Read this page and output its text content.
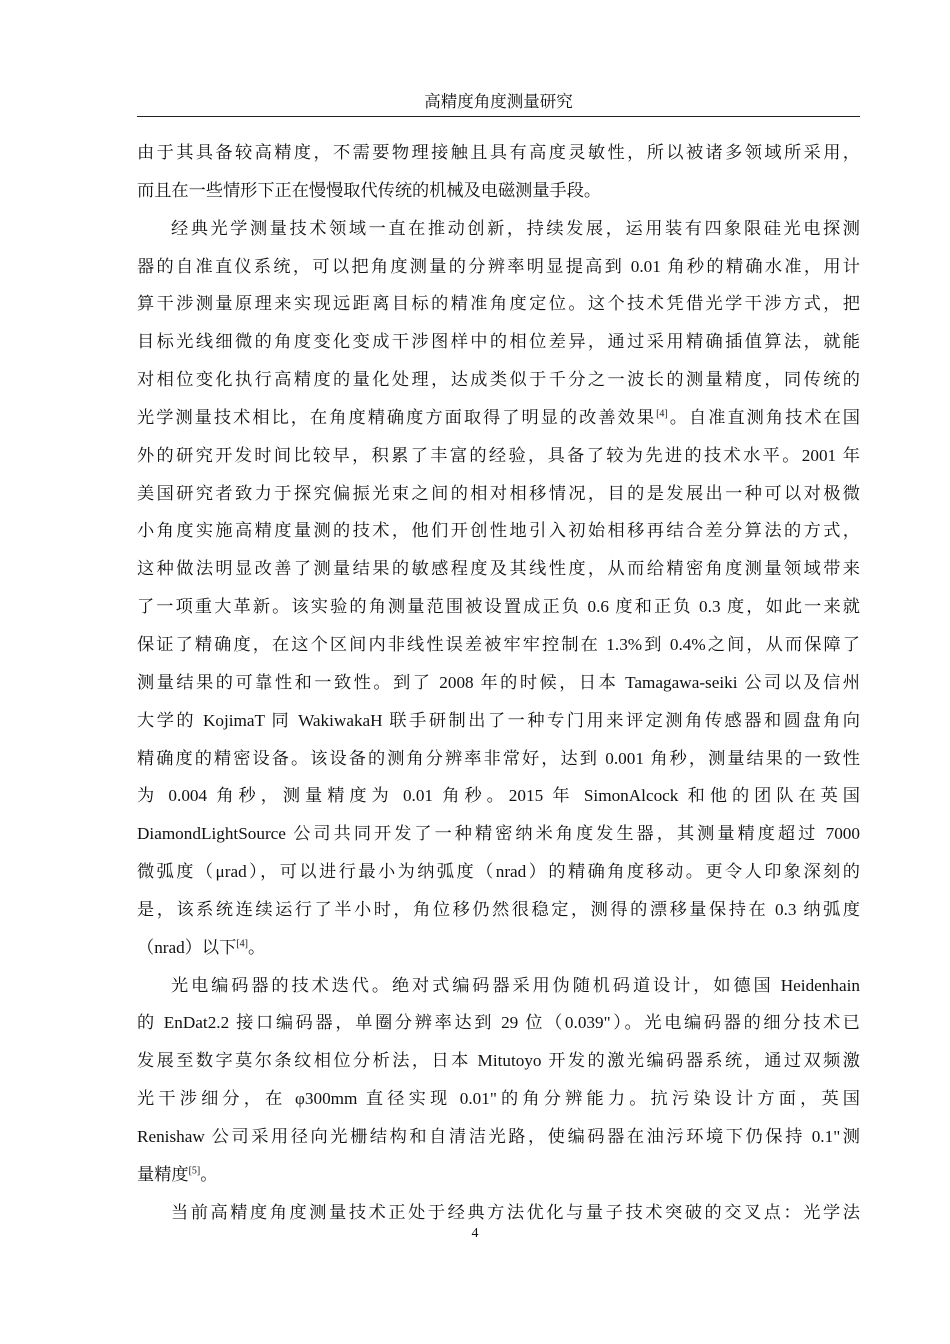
高精度角度测量研究
由于其具备较高精度，不需要物理接触且具有高度灵敏性，所以被诸多领域所采用，
而且在一些情形下正在慢慢取代传统的机械及电磁测量手段。
经典光学测量技术领域一直在推动创新，持续发展，运用装有四象限硅光电探测
器的自准直仪系统，可以把角度测量的分辨率明显提高到 0.01 角秒的精确水准，用计
算干涉测量原理来实现远距离目标的精准角度定位。这个技术凭借光学干涉方式，把
目标光线细微的角度变化变成干涉图样中的相位差异，通过采用精确插值算法，就能
对相位变化执行高精度的量化处理，达成类似于千分之一波长的测量精度，同传统的
光学测量技术相比，在角度精确度方面取得了明显的改善效果[4]。自准直测角技术在国
外的研究开发时间比较早，积累了丰富的经验，具备了较为先进的技术水平。2001 年
美国研究者致力于探究偏振光束之间的相对相移情况，目的是发展出一种可以对极微
小角度实施高精度量测的技术，他们开创性地引入初始相移再结合差分算法的方式，
这种做法明显改善了测量结果的敏感程度及其线性度，从而给精密角度测量领域带来
了一项重大革新。该实验的角测量范围被设置成正负 0.6 度和正负 0.3 度，如此一来就
保证了精确度，在这个区间内非线性误差被牢牢控制在 1.3%到 0.4%之间，从而保障了
测量结果的可靠性和一致性。到了 2008 年的时候，日本 Tamagawa-seiki 公司以及信州
大学的 KojimaT 同 WakiwakaH 联手研制出了一种专门用来评定测角传感器和圆盘角向
精确度的精密设备。该设备的测角分辨率非常好，达到 0.001 角秒，测量结果的一致性
为 0.004 角秒，测量精度为 0.01 角秒。2015 年 SimonAlcock 和他的团队在英国
DiamondLightSource 公司共同开发了一种精密纳米角度发生器，其测量精度超过 7000
微弧度（μrad），可以进行最小为纳弧度（nrad）的精确角度移动。更令人印象深刻的
是，该系统连续运行了半小时，角位移仍然很稳定，测得的漂移量保持在 0.3 纳弧度
（nrad）以下[4]。
光电编码器的技术迭代。绝对式编码器采用伪随机码道设计，如德国 Heidenhain
的 EnDat2.2 接口编码器，单圈分辨率达到 29 位（0.039"）。光电编码器的细分技术已
发展至数字莫尔条纹相位分析法，日本 Mitutoyo 开发的激光编码器系统，通过双频激
光干涉细分，在 φ300mm 直径实现 0.01"的角分辨能力。抗污染设计方面，英国
Renishaw 公司采用径向光栅结构和自清洁光路，使编码器在油污环境下仍保持 0.1"测
量精度[5]。
当前高精度角度测量技术正处于经典方法优化与量子技术突破的交叉点：光学法
4
